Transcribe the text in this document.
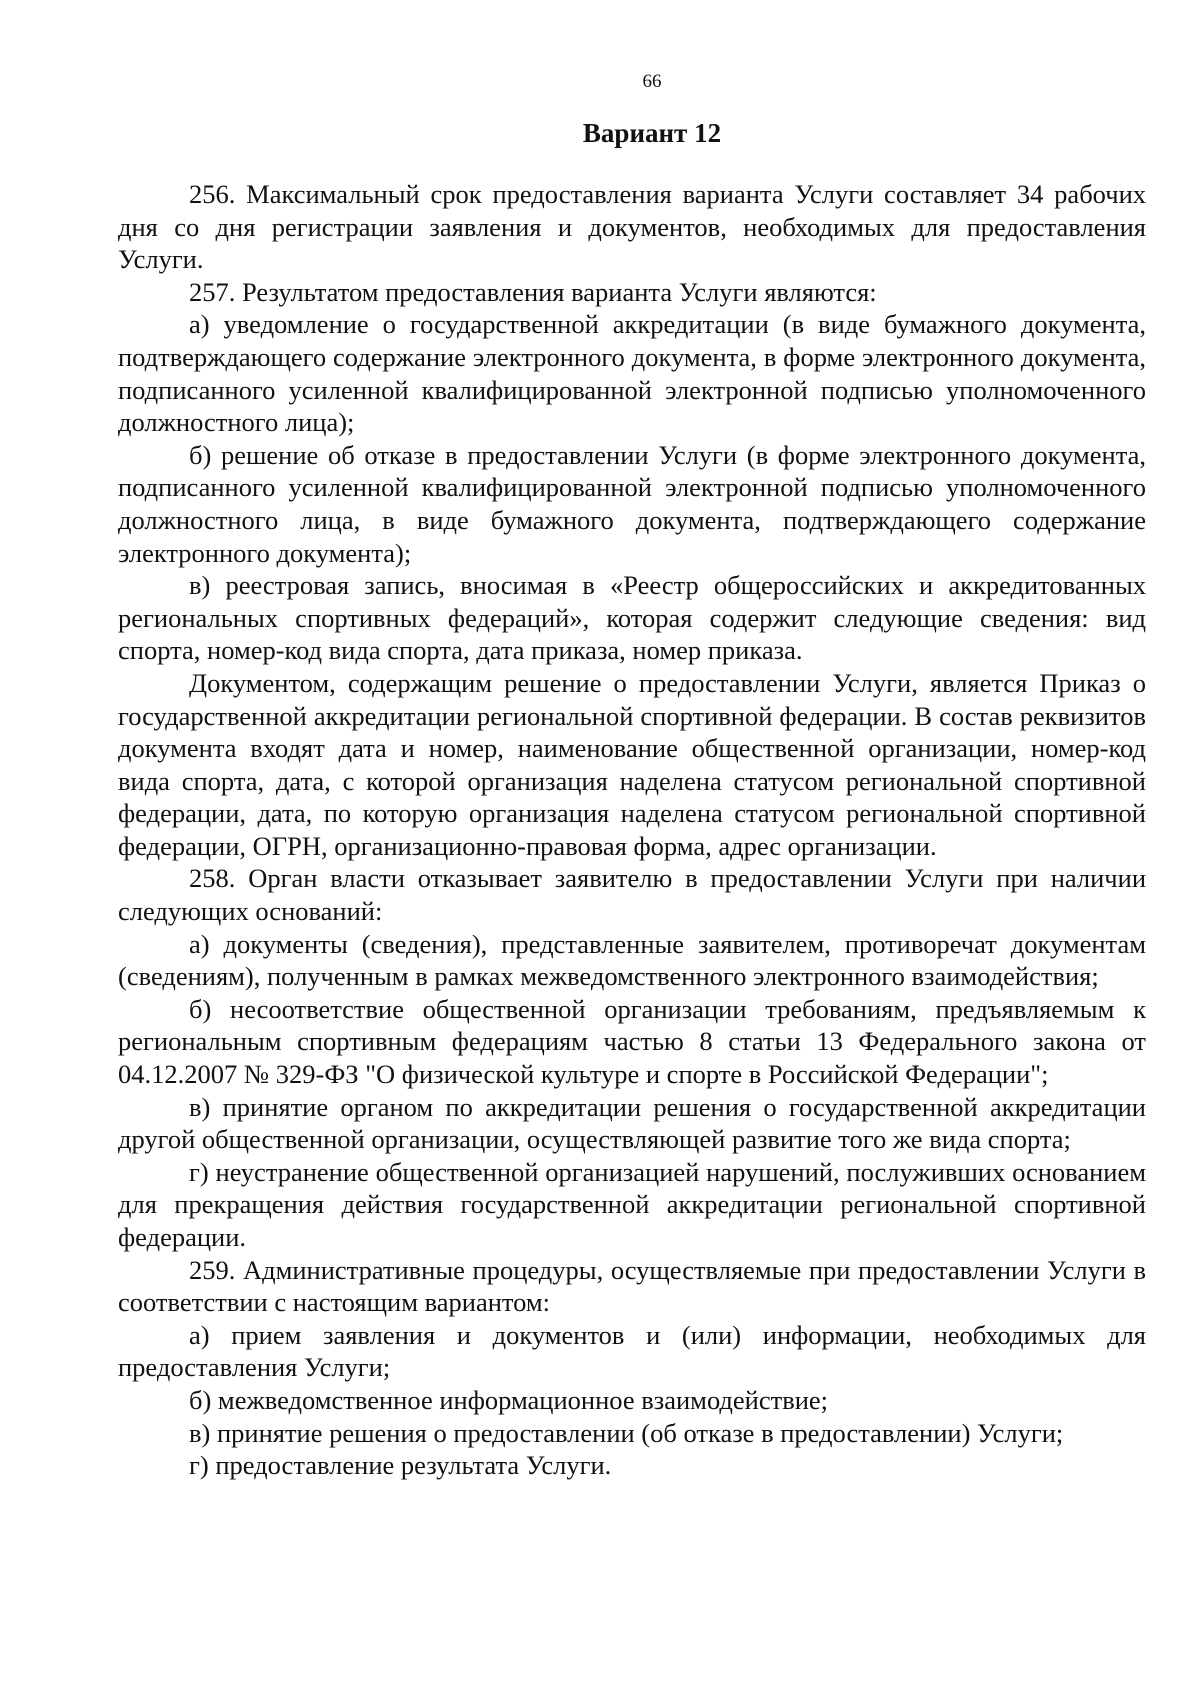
66
Вариант 12

256. Максимальный срок предоставления варианта Услуги составляет 34 рабочих дня со дня регистрации заявления и документов, необходимых для предоставления Услуги.

257. Результатом предоставления варианта Услуги являются:

а) уведомление о государственной аккредитации (в виде бумажного документа, подтверждающего содержание электронного документа, в форме электронного документа, подписанного усиленной квалифицированной электронной подписью уполномоченного должностного лица);

б) решение об отказе в предоставлении Услуги (в форме электронного документа, подписанного усиленной квалифицированной электронной подписью уполномоченного должностного лица, в виде бумажного документа, подтверждающего содержание электронного документа);

в) реестровая запись, вносимая в «Реестр общероссийских и аккредитованных региональных спортивных федераций», которая содержит следующие сведения: вид спорта, номер-код вида спорта, дата приказа, номер приказа.

Документом, содержащим решение о предоставлении Услуги, является Приказ о государственной аккредитации региональной спортивной федерации. В состав реквизитов документа входят дата и номер, наименование общественной организации, номер-код вида спорта, дата, с которой организация наделена статусом региональной спортивной федерации, дата, по которую организация наделена статусом региональной спортивной федерации, ОГРН, организационно-правовая форма, адрес организации.

258. Орган власти отказывает заявителю в предоставлении Услуги при наличии следующих оснований:

а) документы (сведения), представленные заявителем, противоречат документам (сведениям), полученным в рамках межведомственного электронного взаимодействия;

б) несоответствие общественной организации требованиям, предъявляемым к региональным спортивным федерациям частью 8 статьи 13 Федерального закона от 04.12.2007 № 329-ФЗ "О физической культуре и спорте в Российской Федерации";

в) принятие органом по аккредитации решения о государственной аккредитации другой общественной организации, осуществляющей развитие того же вида спорта;

г) неустранение общественной организацией нарушений, послуживших основанием для прекращения действия государственной аккредитации региональной спортивной федерации.

259. Административные процедуры, осуществляемые при предоставлении Услуги в соответствии с настоящим вариантом:

а) прием заявления и документов и (или) информации, необходимых для предоставления Услуги;

б) межведомственное информационное взаимодействие;

в) принятие решения о предоставлении (об отказе в предоставлении) Услуги;

г) предоставление результата Услуги.
